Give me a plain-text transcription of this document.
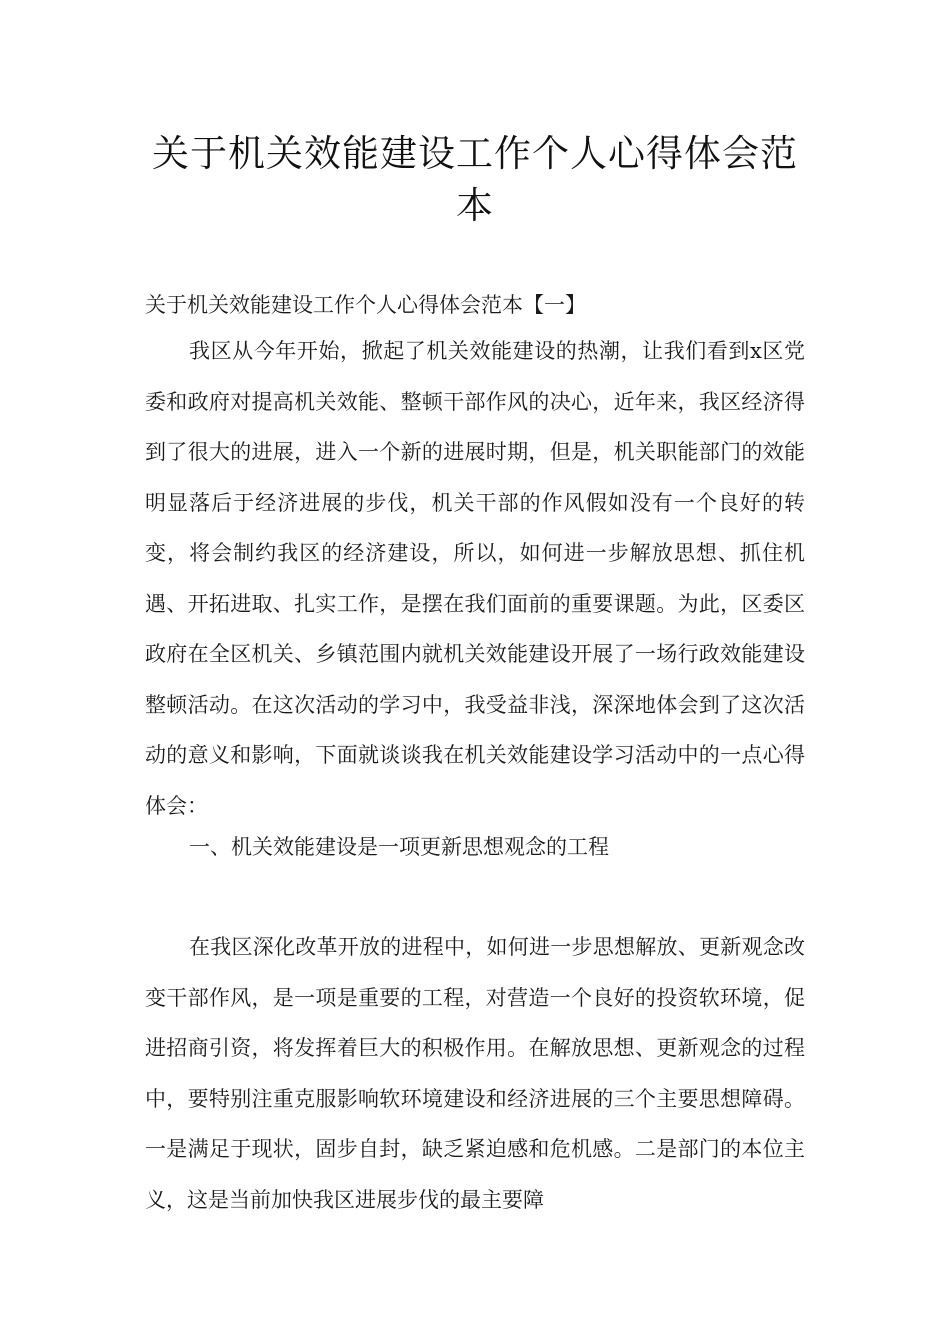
关于机关效能建设工作个人心得体会范本

关于机关效能建设工作个人心得体会范本【一】

我区从今年开始，掀起了机关效能建设的热潮，让我们看到x区党委和政府对提高机关效能、整顿干部作风的决心，近年来，我区经济得到了很大的进展，进入一个新的进展时期，但是，机关职能部门的效能明显落后于经济进展的步伐，机关干部的作风假如没有一个良好的转变，将会制约我区的经济建设，所以，如何进一步解放思想、抓住机遇、开拓进取、扎实工作，是摆在我们面前的重要课题。为此，区委区政府在全区机关、乡镇范围内就机关效能建设开展了一场行政效能建设整顿活动。在这次活动的学习中，我受益非浅，深深地体会到了这次活动的意义和影响，下面就谈谈我在机关效能建设学习活动中的一点心得体会：

一、机关效能建设是一项更新思想观念的工程

在我区深化改革开放的进程中，如何进一步思想解放、更新观念改变干部作风，是一项是重要的工程，对营造一个良好的投资软环境，促进招商引资，将发挥着巨大的积极作用。在解放思想、更新观念的过程中，要特别注重克服影响软环境建设和经济进展的三个主要思想障碍。一是满足于现状，固步自封，缺乏紧迫感和危机感。二是部门的本位主义，这是当前加快我区进展步伐的最主要障
